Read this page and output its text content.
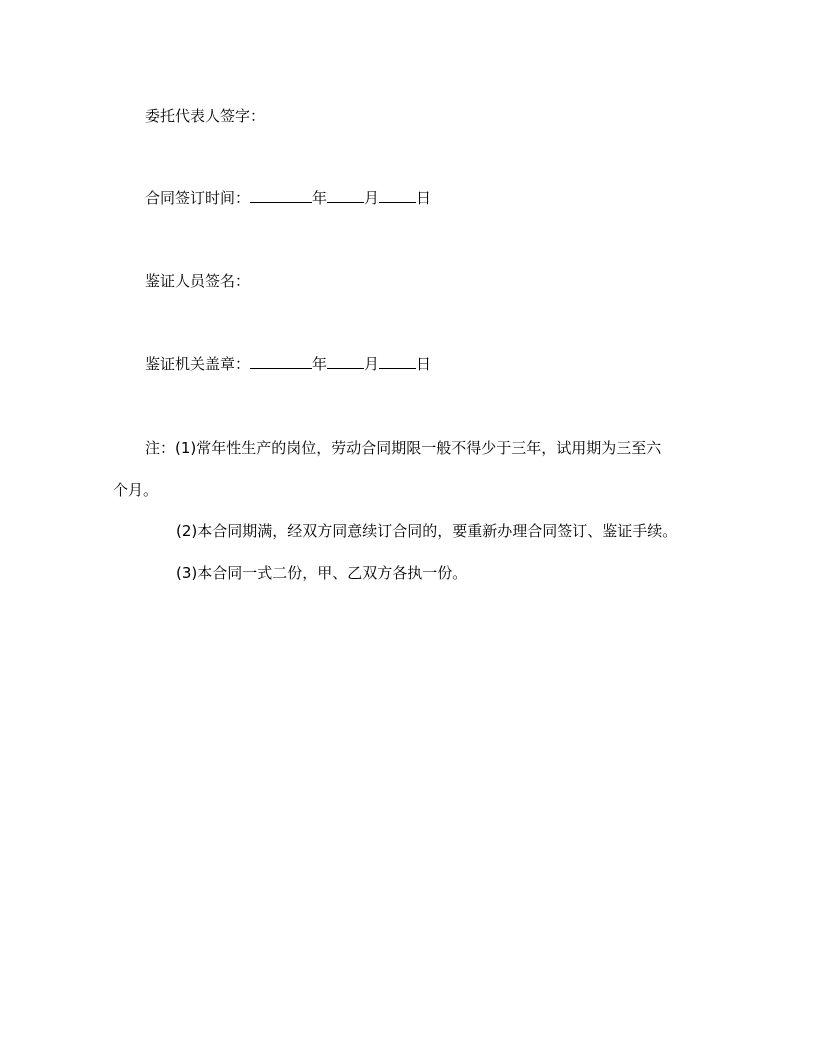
委托代表人签字：
合同签订时间：	年 月 日
鉴证人员签名：
鉴证机关盖章：	年 月 日
注：(1)常年性生产的岗位，劳动合同期限一般不得少于三年，试用期为三至六
个月。
(2)本合同期满，经双方同意续订合同的，要重新办理合同签订、鉴证手续。
(3)本合同一式二份，甲、乙双方各执一份。
